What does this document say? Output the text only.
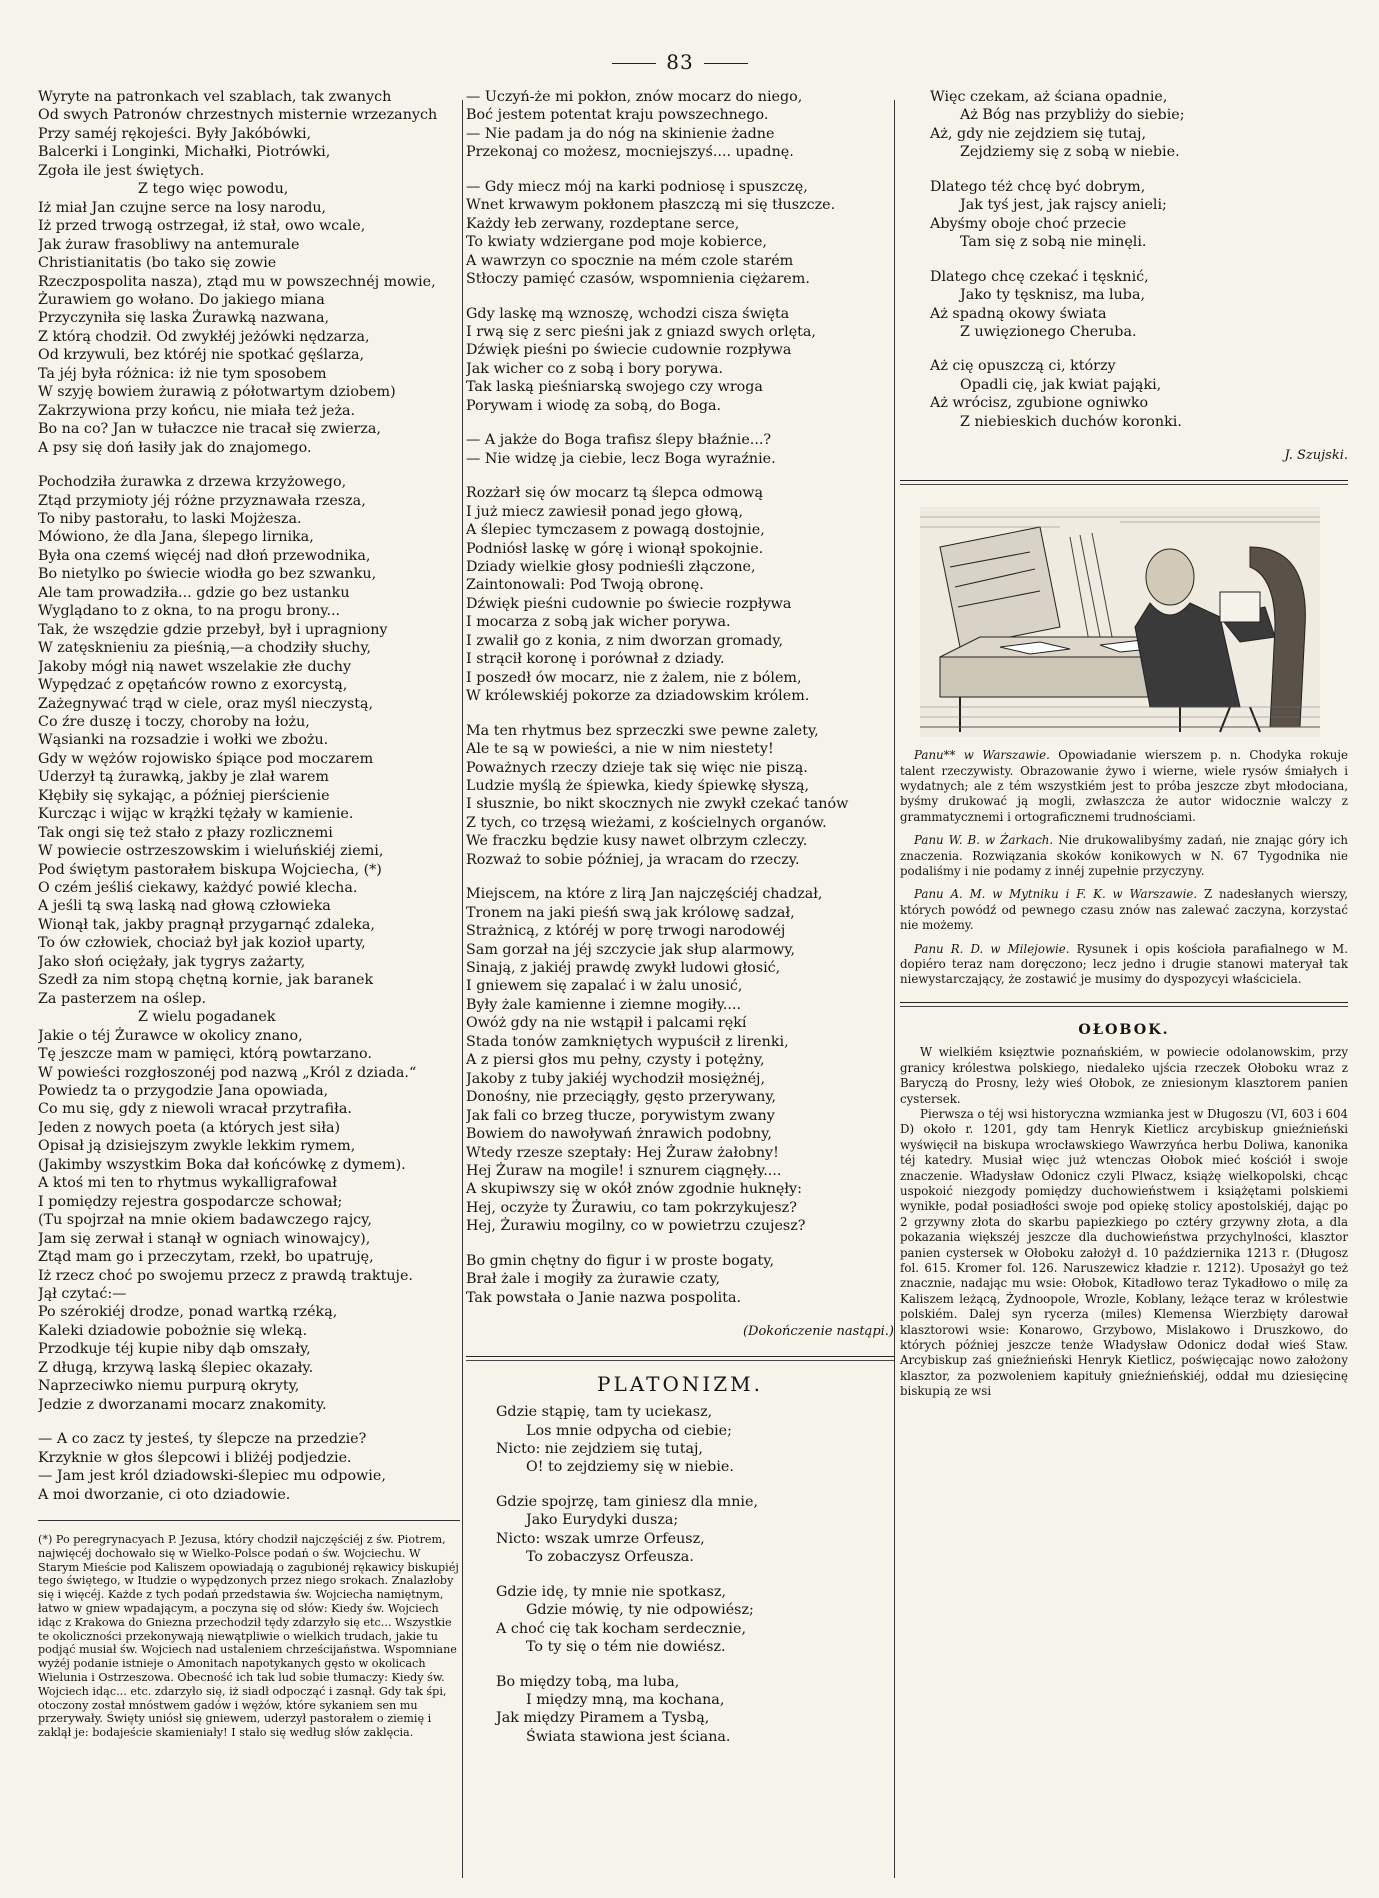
83
Wyryte na patronkach vel szablach, tak zwanych
Od swych Patronów chrzestnych misternie wrzezanych
Przy saméj rękojeści. Były Jakóbówki,
Balcerki i Longinki, Michałki, Piotrówki,
Zgoła ile jest świętych.
Z tego więc powodu,
Iż miał Jan czujne serce na losy narodu,
Iż przed trwogą ostrzegał, iż stał, owo wcale,
Jak żuraw frasobliwy na antemurale
Christianitatis (bo tako się zowie
Rzeczpospolita nasza), ztąd mu w powszechnéj mowie,
Żurawiem go wołano. Do jakiego miana
Przyczyniła się laska Żurawką nazwana,
Z którą chodził. Od zwykłéj jeżówki nędzarza,
Od krzywuli, bez któréj nie spotkać gęślarza,
Ta jéj była różnica: iż nie tym sposobem
W szyję bowiem żurawią z półotwartym dziobem)
Zakrzywiona przy końcu, nie miała też jeża.
Bo na co? Jan w tułaczce nie tracał się zwierza,
A psy się doń łasiły jak do znajomego.
Pochodziła żurawka z drzewa krzyżowego,
Ztąd przymioty jéj różne przyznawała rzesza,
To niby pastorału, to laski Mojżesza.
Mówiono, że dla Jana, ślepego lirnika,
Była ona czemś więcéj nad dłoń przewodnika,
Bo nietylko po świecie wiodła go bez szwanku,
Ale tam prowadziła... gdzie go bez ustanku
Wyglądano to z okna, to na progu brony...
Tak, że wszędzie gdzie przebył, był i upragniony
W zatęsknieniu za pieśnią,—a chodziły słuchy,
Jakoby mógł nią nawet wszelakie złe duchy
Wypędzać z opętańców rowno z exorcystą,
Zażegnywać trąd w ciele, oraz myśl nieczystą,
Co źre duszę i toczy, choroby na łożu,
Wąsianki na rozsadzie i wołki we zbożu.
Gdy w wężów rojowisko śpiące pod moczarem
Uderzył tą żurawką, jakby je zlał warem
Kłębiły się sykając, a później pierścienie
Kurcząc i wijąc w krążki tężały w kamienie.
Tak ongi się też stało z płazy rozlicznemi
W powiecie ostrzeszowskim i wieluńskiéj ziemi,
Pod świętym pastorałem biskupa Wojciecha, (*)
O czém jeśliś ciekawy, każdyć powié klecha.
A jeśli tą swą laską nad głową człowieka
Wionął tak, jakby pragnął przygarnąć zdaleka,
To ów człowiek, chociaż był jak kozioł uparty,
Jako słoń ociężały, jak tygrys zażarty,
Szedł za nim stopą chętną kornie, jak baranek
Za pasterzem na oślep.
Z wielu pogadanek
Jakie o téj Żurawce w okolicy znano,
Tę jeszcze mam w pamięci, którą powtarzano.
W powieści rozgłoszonéj pod nazwą „Król z dziada.“
Powiedz ta o przygodzie Jana opowiada,
Co mu się, gdy z niewoli wracał przytrafiła.
Jeden z nowych poeta (a których jest siła)
Opisał ją dzisiejszym zwykle lekkim rymem,
(Jakimby wszystkim Boka dał końcówkę z dymem).
A ktoś mi ten to rhytmus wykalligrafował
I pomiędzy rejestra gospodarcze schował;
(Tu spojrzał na mnie okiem badawczego rajcy,
Jam się zerwał i stanął w ogniach winowajcy),
Ztąd mam go i przeczytam, rzekł, bo upatruję,
Iż rzecz choć po swojemu przecz z prawdą traktuje.
Jął czytać:—
Po szérokiéj drodze, ponad wartką rzéką,
Kaleki dziadowie pobożnie się wleką.
Przodkuje téj kupie niby dąb omszały,
Z długą, krzywą laską ślepiec okazały.
Naprzeciwko niemu purpurą okryty,
Jedzie z dworzanami mocarz znakomity.
— A co zacz ty jesteś, ty ślepcze na przedzie?
Krzyknie w głos ślepcowi i bliżéj podjedzie.
— Jam jest król dziadowski-ślepiec mu odpowie,
A moi dworzanie, ci oto dziadowie.
(*) Po peregrynacyach P. Jezusa, który chodził najczęściéj z św. Piotrem, najwięcéj dochowało się w Wielko-Polsce podań o św. Wojciechu. W Starym Mieście pod Kaliszem opowiadają o zagubionéj rękawicy biskupiéj tego świętego, w Itudzie o wypędzonych przez niego srokach. Znalazłoby się i więcéj. Każde z tych podań przedstawia św. Wojciecha namiętnym, łatwo w gniew wpadającym, a poczyna się od słów: Kiedy św. Wojciech idąc z Krakowa do Gniezna przechodził tędy zdarzyło się etc... Wszystkie te okoliczności przekonywają niewątpliwie o wielkich trudach, jakie tu podjąć musiał św. Wojciech nad ustaleniem chrześcijaństwa. Wspomniane wyżéj podanie istnieje o Amonitach napotykanych gęsto w okolicach Wielunia i Ostrzeszowa. Obecność ich tak lud sobie tłumaczy: Kiedy św. Wojciech idąc... etc. zdarzyło się, iż siadł odpocząć i zasnął. Gdy tak śpi, otoczony został mnóstwem gadów i wężów, które sykaniem sen mu przerywały. Święty uniósł się gniewem, uderzył pastorałem o ziemię i zaklął je: bodajeście skamieniały! I stało się według słów zaklęcia.
— Uczyń-że mi pokłon, znów mocarz do niego,
Boć jestem potentat kraju powszechnego.
— Nie padam ja do nóg na skinienie żadne
Przekonaj co możesz, mocniejszyś.... upadnę.
— Gdy miecz mój na karki podniosę i spuszczę,
Wnet krwawym pokłonem płaszczą mi się tłuszcze.
Każdy łeb zerwany, rozdeptane serce,
To kwiaty wdziergane pod moje kobierce,
A wawrzyn co spocznie na mém czole starém
Stłoczy pamięć czasów, wspomnienia ciężarem.
Gdy laskę mą wznoszę, wchodzi cisza święta
I rwą się z serc pieśni jak z gniazd swych orlęta,
Dźwięk pieśni po świecie cudownie rozpływa
Jak wicher co z sobą i bory porywa.
Tak laską pieśniarską swojego czy wroga
Porywam i wiodę za sobą, do Boga.
— A jakże do Boga trafisz ślepy błaźnie...?
— Nie widzę ja ciebie, lecz Boga wyraźnie.
Rozżarł się ów mocarz tą ślepca odmową
I już miecz zawiesił ponad jego głową,
A ślepiec tymczasem z powagą dostojnie,
Podniósł laskę w górę i wionął spokojnie.
Dziady wielkie głosy podnieśli złączone,
Zaintonowali: Pod Twoją obronę.
Dźwięk pieśni cudownie po świecie rozpływa
I mocarza z sobą jak wicher porywa.
I zwalił go z konia, z nim dworzan gromady,
I strącił koronę i porównał z dziady.
I poszedł ów mocarz, nie z żalem, nie z bólem,
W królewskiéj pokorze za dziadowskim królem.
Ma ten rhytmus bez sprzeczki swe pewne zalety,
Ale te są w powieści, a nie w nim niestety!
Poważnych rzeczy dzieje tak się więc nie piszą.
Ludzie myślą że śpiewka, kiedy śpiewkę słyszą,
I słusznie, bo nikt skocznych nie zwykł czekać tanów
Z tych, co trzęsą wieżami, z kościelnych organów.
We fraczku będzie kusy nawet olbrzym czleczy.
Rozważ to sobie później, ja wracam do rzeczy.
Miejscem, na które z lirą Jan najczęściéj chadzał,
Tronem na jaki pieśń swą jak królowę sadzał,
Strażnicą, z któréj w porę trwogi narodowéj
Sam gorzał na jéj szczycie jak słup alarmowy,
Sinają, z jakiéj prawdę zwykł ludowi głosić,
I gniewem się zapalać i w żalu unosić,
Były żale kamienne i ziemne mogiły....
Owóż gdy na nie wstąpił i palcami rękí
Stada tonów zamkniętych wypuścił z lirenki,
A z piersi głos mu pełny, czysty i potężny,
Jakoby z tuby jakiéj wychodził mosiężnéj,
Donośny, nie przeciągły, gęsto przerywany,
Jak fali co brzeg tłucze, porywistym zwany
Bowiem do nawoływań żnrawich podobny,
Wtedy rzesze szeptały: Hej Żuraw żałobny!
Hej Żuraw na mogile! i sznurem ciągnęły....
A skupiwszy się w okół znów zgodnie huknęły:
Hej, oczyże ty Żurawiu, co tam pokrzykujesz?
Hej, Żurawiu mogilny, co w powietrzu czujesz?
Bo gmin chętny do figur i w proste bogaty,
Brał żale i mogiły za żurawie czaty,
Tak powstała o Janie nazwa pospolita.
(Dokończenie nastąpi.)
PLATONIZM.
Gdzie stąpię, tam ty uciekasz,
Los mnie odpycha od ciebie;
Nicto: nie zejdziem się tutaj,
O! to zejdziemy się w niebie.
Gdzie spojrzę, tam giniesz dla mnie,
Jako Eurydyki dusza;
Nicto: wszak umrze Orfeusz,
To zobaczysz Orfeusza.
Gdzie idę, ty mnie nie spotkasz,
Gdzie mówię, ty nie odpowiész;
A choć cię tak kocham serdecznie,
To ty się o tém nie dowiész.
Bo między tobą, ma luba,
I między mną, ma kochana,
Jak między Piramem a Tysbą,
Świata stawiona jest ściana.
Więc czekam, aż ściana opadnie,
Aż Bóg nas przybliży do siebie;
Aż, gdy nie zejdziem się tutaj,
Zejdziemy się z sobą w niebie.
Dlatego téż chcę być dobrym,
Jak tyś jest, jak rajscy anieli;
Abyśmy oboje choć przecie
Tam się z sobą nie minęli.
Dlatego chcę czekać i tęsknić,
Jako ty tęsknisz, ma luba,
Aż spadną okowy świata
Z uwięzionego Cheruba.
Aż cię opuszczą ci, którzy
Opadli cię, jak kwiat pająki,
Aż wrócisz, zgubione ogniwko
Z niebieskich duchów koronki.
J. Szujski.

Panu** w Warszawie. Opowiadanie wierszem p. n. Chodyka rokuje talent rzeczywisty. Obrazowanie żywo i wierne, wiele rysów śmiałych i wydatnych; ale z tém wszystkiém jest to próba jeszcze zbyt młodociana, byśmy drukować ją mogli, zwłaszcza że autor widocznie walczy z grammatycznemi i ortograficznemi trudnościami.

Panu W. B. w Żarkach. Nie drukowalibyśmy zadań, nie znając góry ich znaczenia. Rozwiązania skoków konikowych w N. 67 Tygodnika nie podaliśmy i nie podamy z innéj zupełnie przyczyny.

Panu A. M. w Mytniku i F. K. w Warszawie. Z nadesłanych wierszy, których powódź od pewnego czasu znów nas zalewać zaczyna, korzystać nie możemy.

Panu R. D. w Milejowie. Rysunek i opis kościoła parafialnego w M. dopiéro teraz nam doręczono; lecz jedno i drugie stanowi materyał tak niewystarczający, że zostawić je musimy do dyspozycyi właściciela.

OŁOBOK.

W wielkiém księztwie poznańskiém, w powiecie odolanowskim, przy granicy królestwa polskiego, niedaleko ujścia rzeczek Ołoboku wraz z Baryczą do Prosny, leży wieś Ołobok, ze zniesionym klasztorem panien cystersek.

Pierwsza o téj wsi historyczna wzmianka jest w Długoszu (VI, 603 i 604 D) około r. 1201, gdy tam Henryk Kietlicz arcybiskup gnieźnieński wyświęcił na biskupa wrocławskiego Wawrzyńca herbu Doliwa, kanonika téj katedry. Musiał więc już wtenczas Ołobok mieć kościół i swoje znaczenie. Władysław Odonicz czyli Plwacz, książę wielkopolski, chcąc uspokoić niezgody pomiędzy duchowieństwem i książętami polskiemi wynikłe, podał posiadłości swoje pod opiekę stolicy apostolskiéj, dając po 2 grzywny złota do skarbu papiezkiego po cztéry grzywny złota, a dla pokazania większéj jeszcze dla duchowieństwa przychylności, klasztor panien cystersek w Ołoboku założył d. 10 października 1213 r. (Długosz fol. 615. Kromer fol. 126. Naruszewicz kładzie r. 1212). Uposażył go też znacznie, nadając mu wsie: Ołobok, Kitadłowo teraz Tykadłowo o milę za Kaliszem leżącą, Żydnoopole, Wrozle, Koblany, leżące teraz w królestwie polskiém. Dalej syn rycerza (miles) Klemensa Wierzbięty darował klasztorowi wsie: Konarowo, Grzybowo, Mislakowo i Druszkowo, do których później jeszcze tenże Władysław Odonicz dodał wieś Staw. Arcybiskup zaś gnieźnieński Henryk Kietlicz, poświęcając nowo założony klasztor, za pozwoleniem kapituły gnieźnieńskiéj, oddał mu dziesięcinę biskupią ze wsi
